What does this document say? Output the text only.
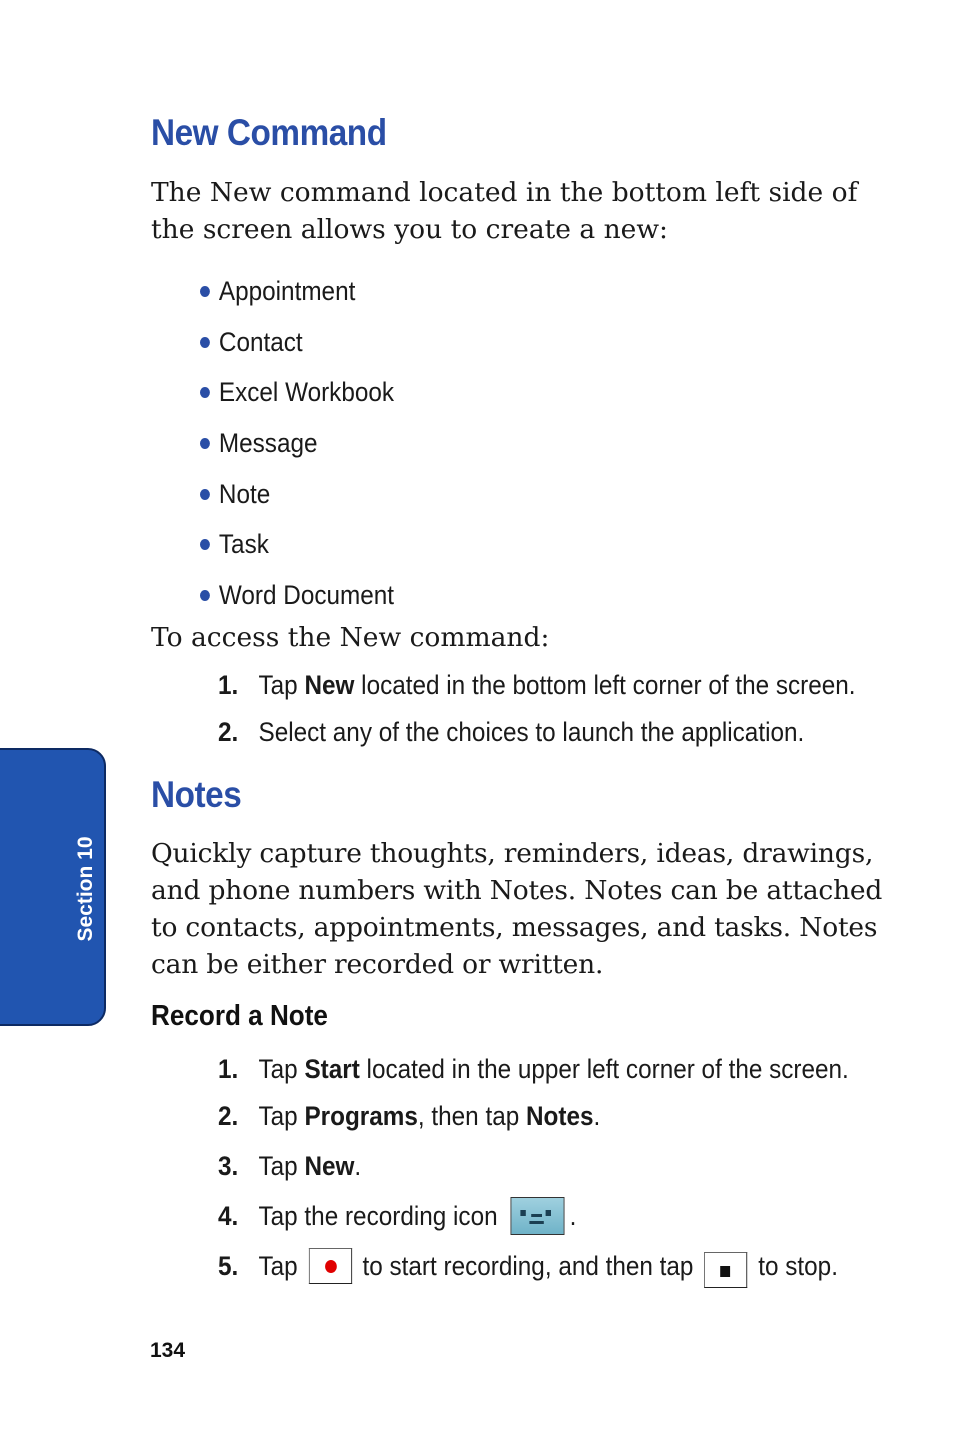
New Command

The New command located in the bottom left side of the screen allows you to create a new:

Appointment
Contact
Excel Workbook
Message
Note
Task
Word Document

To access the New command:

1. Tap New located in the bottom left corner of the screen.
2. Select any of the choices to launch the application.
Notes

Quickly capture thoughts, reminders, ideas, drawings, and phone numbers with Notes. Notes can be attached to contacts, appointments, messages, and tasks. Notes can be either recorded or written.

Record a Note
1. Tap Start located in the upper left corner of the screen.
2. Tap Programs , then tap Notes .
3. Tap New .
4. Tap the recording icon	.
5. Tap to start recording, and then tap to stop.
Section 10
134
